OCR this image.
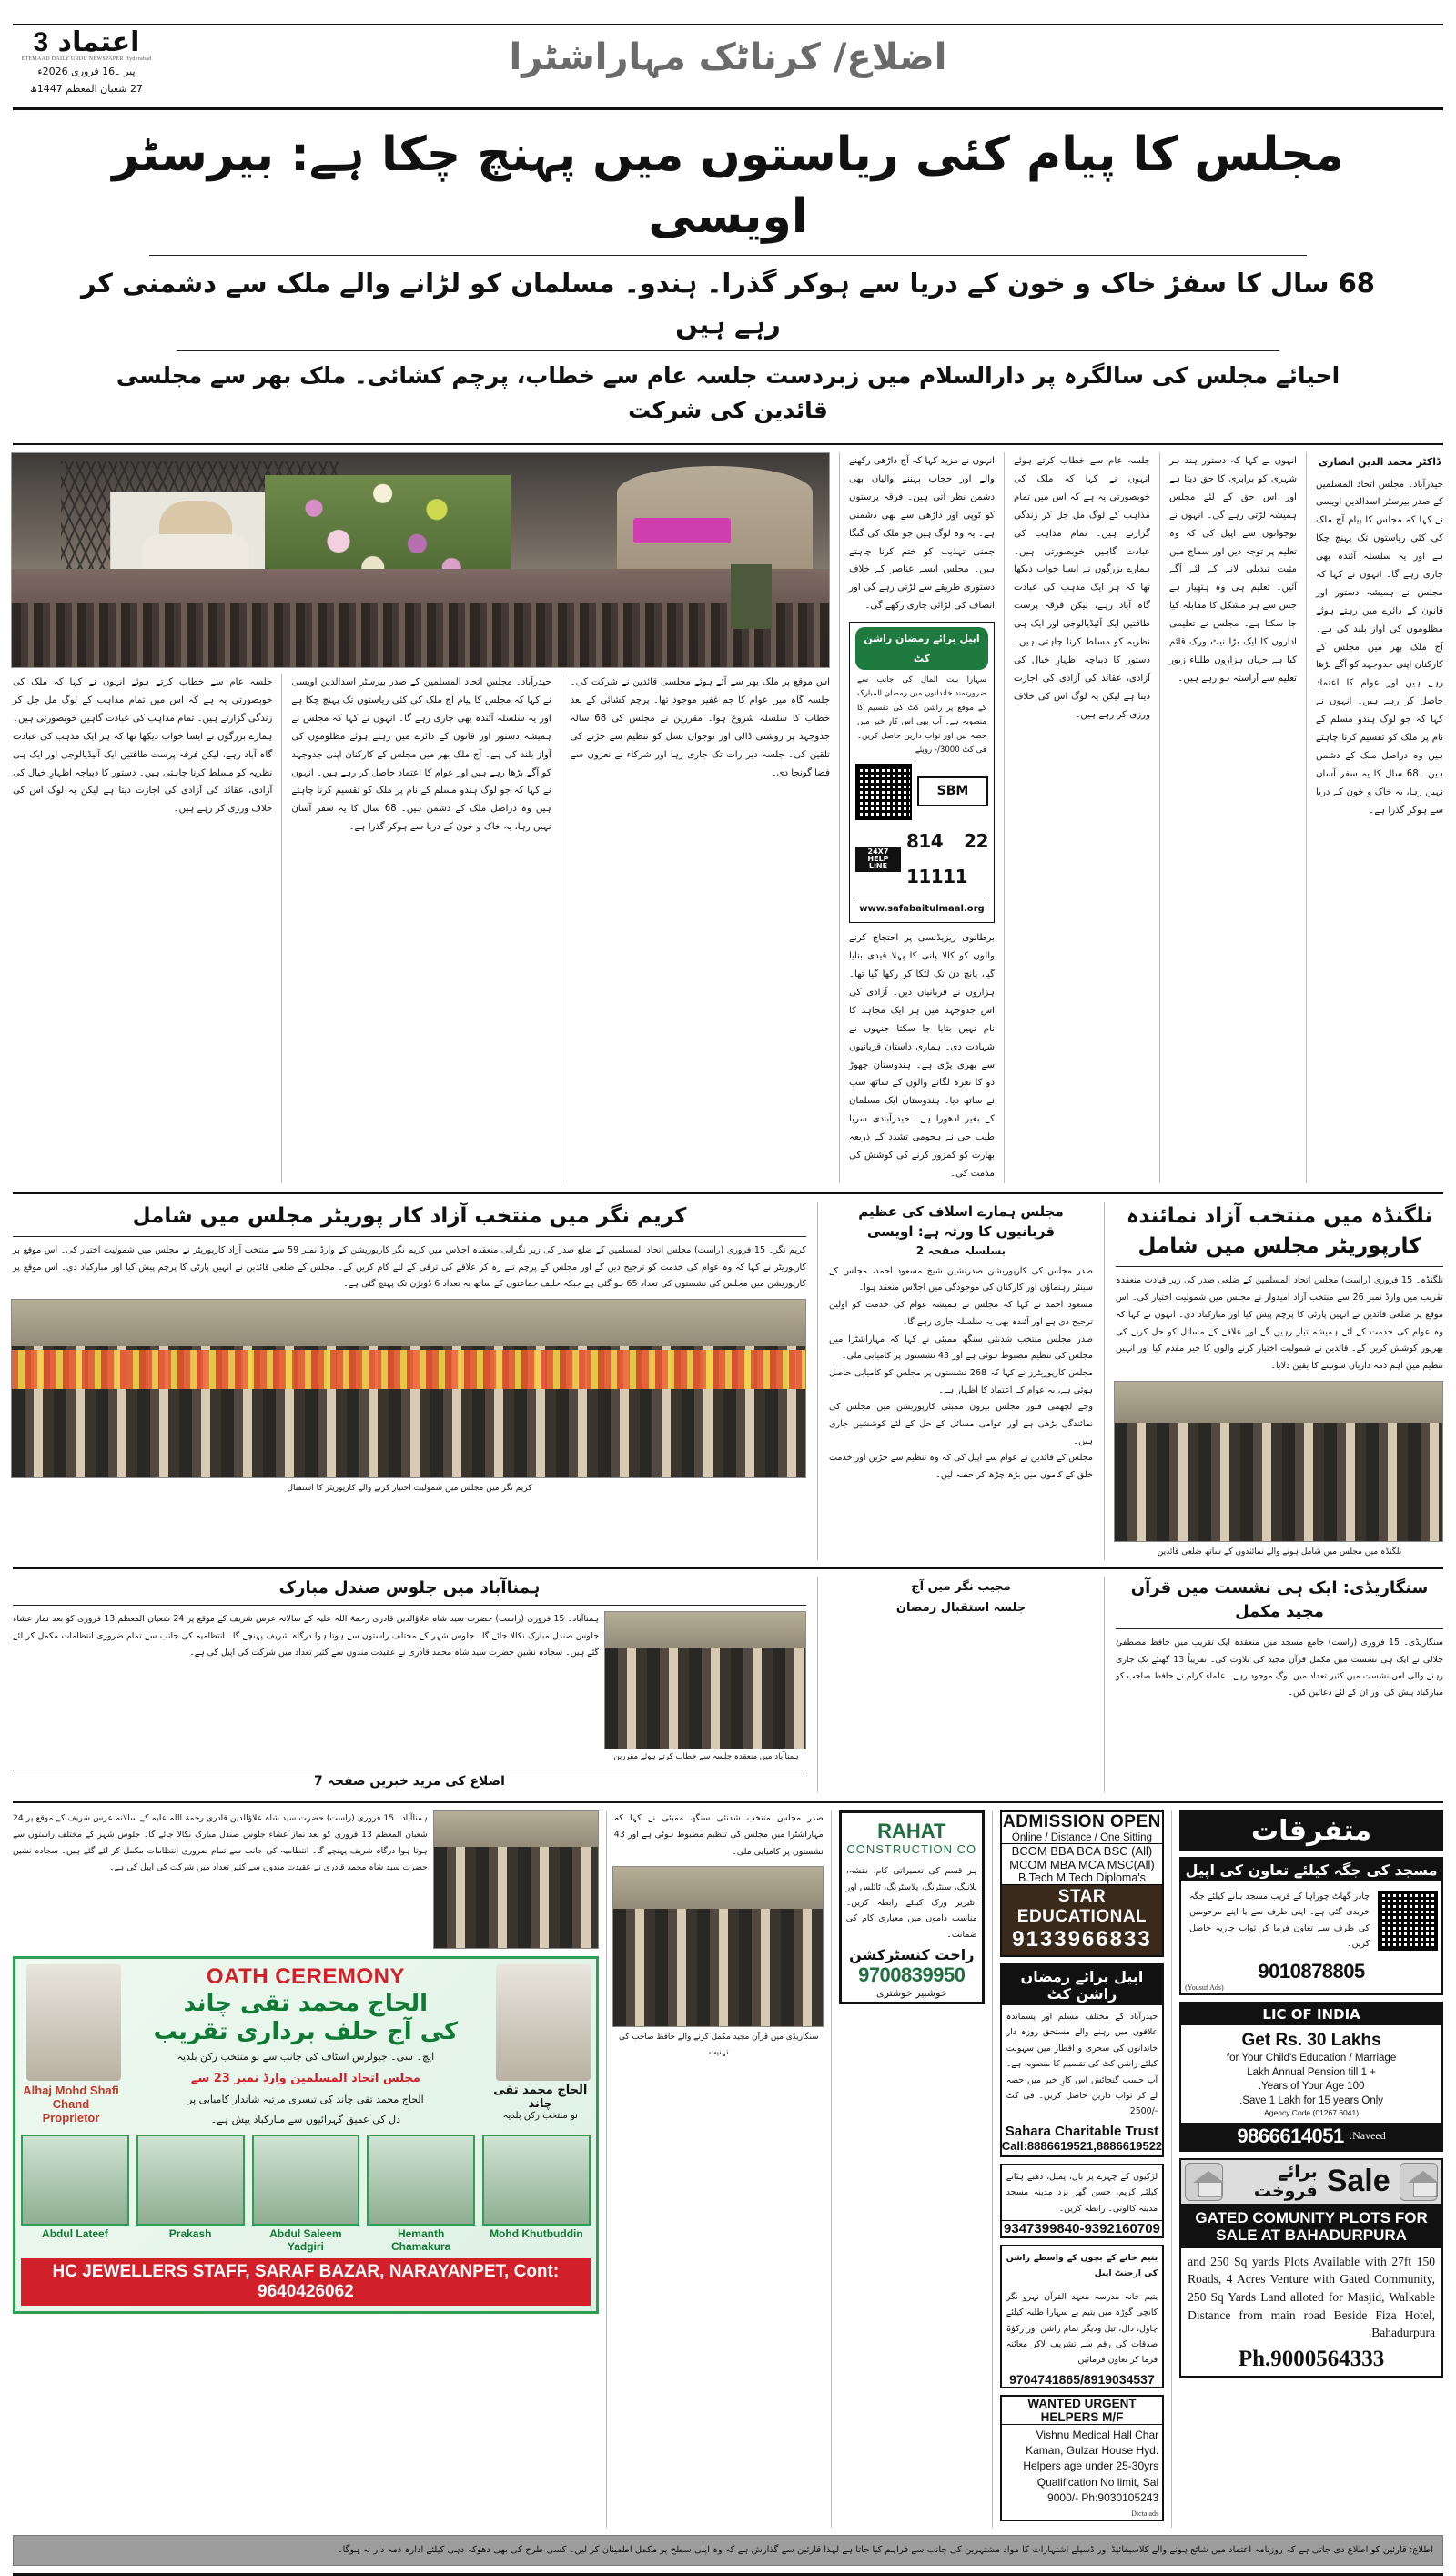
اعتماد 3
ETEMAAD DAILY URDU NEWSPAPER Hyderabad
پیر ۔16 فروری 2026ء
27 شعبان المعظم 1447ھ
اضلاع/ کرناٹک مہاراشٹرا
مجلس کا پیام کئی ریاستوں میں پہنچ چکا ہے: بیرسٹر اویسی
68 سال کا سفرٔ خاک و خون کے دریا سے ہوکر گذرا۔ ہندو۔ مسلمان کو لڑانے والے ملک سے دشمنی کر رہے ہیں
احیائے مجلس کی سالگرہ پر دارالسلام میں زبردست جلسہ عام سے خطاب، پرچم کشائی۔ ملک بھر سے مجلسی قائدین کی شرکت
ڈاکٹر محمد الدین انصاری
حیدرآباد۔ مجلس اتحاد المسلمین کے صدر بیرسٹر اسدالدین اویسی نے کہا کہ مجلس کا پیام آج ملک کی کئی ریاستوں تک پہنچ چکا ہے اور یہ سلسلہ آئندہ بھی جاری رہے گا۔ انہوں نے کہا کہ مجلس نے ہمیشہ دستور اور قانون کے دائرے میں رہتے ہوئے مظلوموں کی آواز بلند کی ہے۔ آج ملک بھر میں مجلس کے کارکنان اپنی جدوجہد کو آگے بڑھا رہے ہیں اور عوام کا اعتماد حاصل کر رہے ہیں۔ انہوں نے کہا کہ جو لوگ ہندو مسلم کے نام پر ملک کو تقسیم کرنا چاہتے ہیں وہ دراصل ملک کے دشمن ہیں۔ 68 سال کا یہ سفر آسان نہیں رہا، یہ خاک و خون کے دریا سے ہوکر گذرا ہے۔
انہوں نے کہا کہ دستور ہند ہر شہری کو برابری کا حق دیتا ہے اور اس حق کے لئے مجلس ہمیشہ لڑتی رہے گی۔ انہوں نے نوجوانوں سے اپیل کی کہ وہ تعلیم پر توجہ دیں اور سماج میں مثبت تبدیلی لانے کے لئے آگے آئیں۔ تعلیم ہی وہ ہتھیار ہے جس سے ہر مشکل کا مقابلہ کیا جا سکتا ہے۔ مجلس نے تعلیمی اداروں کا ایک بڑا نیٹ ورک قائم کیا ہے جہاں ہزاروں طلباء زیور تعلیم سے آراستہ ہو رہے ہیں۔
جلسہ عام سے خطاب کرتے ہوئے انہوں نے کہا کہ ملک کی خوبصورتی یہ ہے کہ اس میں تمام مذاہب کے لوگ مل جل کر زندگی گزارتے ہیں۔ تمام مذاہب کی عبادت گاہیں خوبصورتی ہیں۔ ہمارے بزرگوں نے ایسا خواب دیکھا تھا کہ ہر ایک مذہب کی عبادت گاہ آباد رہے، لیکن فرقہ پرست طاقتیں ایک آئیڈیالوجی اور ایک ہی نظریہ کو مسلط کرنا چاہتی ہیں۔ دستور کا دیباچہ اظہارِ خیال کی آزادی، عقائد کی آزادی کی اجازت دیتا ہے لیکن یہ لوگ اس کی خلاف ورزی کر رہے ہیں۔
انہوں نے مزید کہا کہ آج داڑھی رکھنے والے اور حجاب پہننے والیاں بھی دشمن نظر آتی ہیں۔ فرقہ پرستوں کو ٹوپی اور داڑھی سے بھی دشمنی ہے۔ یہ وہ لوگ ہیں جو ملک کی گنگا جمنی تہذیب کو ختم کرنا چاہتے ہیں۔ مجلس ایسے عناصر کے خلاف دستوری طریقے سے لڑتی رہے گی اور انصاف کی لڑائی جاری رکھے گی۔
اپیل برائے رمضان راشن کٹ
سہارا بیت المال کی جانب سے ضرورتمند خاندانوں میں رمضان المبارک کے موقع پر راشن کٹ کی تقسیم کا منصوبہ ہے۔ آپ بھی اس کارِ خیر میں حصہ لیں اور ثواب دارین حاصل کریں۔ فی کٹ 3000/- روپئے
SBM
24X7 HELP LINE
814 22 11111
www.safabaitulmaal.org
برطانوی ریزیڈنسی پر احتجاج کرنے والوں کو کالا پانی کا پہلا قیدی بنایا گیا، پانچ دن تک لٹکا کر رکھا گیا تھا۔ ہزاروں نے قربانیاں دیں۔ آزادی کی اس جدوجہد میں ہر ایک مجاہد کا نام نہیں بتایا جا سکتا جنہوں نے شہادت دی۔ ہماری داستان قربانیوں سے بھری پڑی ہے۔ ہندوستان چھوڑ دو کا نعرہ لگانے والوں کے ساتھ سب نے ساتھ دیا۔ ہندوستان ایک مسلمان کے بغیر ادھورا ہے۔ حیدرآبادی سریا طیب جی نے ہجومی تشدد کے ذریعہ بھارت کو کمزور کرنے کی کوشش کی مذمت کی۔
اس موقع پر ملک بھر سے آئے ہوئے مجلسی قائدین نے شرکت کی۔ جلسہ گاہ میں عوام کا جم غفیر موجود تھا۔ پرچم کشائی کے بعد خطاب کا سلسلہ شروع ہوا۔ مقررین نے مجلس کی 68 سالہ جدوجہد پر روشنی ڈالی اور نوجوان نسل کو تنظیم سے جڑنے کی تلقین کی۔ جلسہ دیر رات تک جاری رہا اور شرکاء نے نعروں سے فضا گونجا دی۔
حیدرآباد۔ مجلس اتحاد المسلمین کے صدر بیرسٹر اسدالدین اویسی نے کہا کہ مجلس کا پیام آج ملک کی کئی ریاستوں تک پہنچ چکا ہے اور یہ سلسلہ آئندہ بھی جاری رہے گا۔ انہوں نے کہا کہ مجلس نے ہمیشہ دستور اور قانون کے دائرے میں رہتے ہوئے مظلوموں کی آواز بلند کی ہے۔ آج ملک بھر میں مجلس کے کارکنان اپنی جدوجہد کو آگے بڑھا رہے ہیں اور عوام کا اعتماد حاصل کر رہے ہیں۔ انہوں نے کہا کہ جو لوگ ہندو مسلم کے نام پر ملک کو تقسیم کرنا چاہتے ہیں وہ دراصل ملک کے دشمن ہیں۔ 68 سال کا یہ سفر آسان نہیں رہا، یہ خاک و خون کے دریا سے ہوکر گذرا ہے۔
جلسہ عام سے خطاب کرتے ہوئے انہوں نے کہا کہ ملک کی خوبصورتی یہ ہے کہ اس میں تمام مذاہب کے لوگ مل جل کر زندگی گزارتے ہیں۔ تمام مذاہب کی عبادت گاہیں خوبصورتی ہیں۔ ہمارے بزرگوں نے ایسا خواب دیکھا تھا کہ ہر ایک مذہب کی عبادت گاہ آباد رہے، لیکن فرقہ پرست طاقتیں ایک آئیڈیالوجی اور ایک ہی نظریہ کو مسلط کرنا چاہتی ہیں۔ دستور کا دیباچہ اظہارِ خیال کی آزادی، عقائد کی آزادی کی اجازت دیتا ہے لیکن یہ لوگ اس کی خلاف ورزی کر رہے ہیں۔
نلگنڈہ میں منتخب آزاد نمائندہ کارپوریٹر مجلس میں شامل
نلگنڈہ۔ 15 فروری (راست) مجلس اتحاد المسلمین کے ضلعی صدر کی زیر قیادت منعقدہ تقریب میں وارڈ نمبر 26 سے منتخب آزاد امیدوار نے مجلس میں شمولیت اختیار کی۔ اس موقع پر ضلعی قائدین نے انہیں پارٹی کا پرچم پیش کیا اور مبارکباد دی۔ انہوں نے کہا کہ وہ عوام کی خدمت کے لئے ہمیشہ تیار رہیں گے اور علاقے کے مسائل کو حل کرنے کی بھرپور کوشش کریں گے۔ قائدین نے شمولیت اختیار کرنے والوں کا خیر مقدم کیا اور انہیں تنظیم میں اہم ذمہ داریاں سونپنے کا یقین دلایا۔
نلگنڈہ میں مجلس میں شامل ہونے والے نمائندوں کے ساتھ ضلعی قائدین
مجلس ہمارے اسلاف کی عظیم قربانیوں کا ورثہ ہے: اویسی
بسلسلہ صفحہ 2
صدر مجلس کی کارپوریشن صدرنشین شیخ مسعود احمد، مجلس کے سینئر رہنماؤں اور کارکنان کی موجودگی میں اجلاس منعقد ہوا۔
مسعود احمد نے کہا کہ مجلس نے ہمیشہ عوام کی خدمت کو اولین ترجیح دی ہے اور آئندہ بھی یہ سلسلہ جاری رہے گا۔
صدر مجلس منتخب شدنئی سنگھ ممبئی نے کہا کہ مہاراشٹرا میں مجلس کی تنظیم مضبوط ہوئی ہے اور 43 نشستوں پر کامیابی ملی۔
مجلس کارپوریٹرز نے کہا کہ 268 نشستوں پر مجلس کو کامیابی حاصل ہوئی ہے، یہ عوام کے اعتماد کا اظہار ہے۔
وجے لچھمی فلور مجلس بیرون ممبئی کارپوریشن میں مجلس کی نمائندگی بڑھی ہے اور عوامی مسائل کے حل کے لئے کوششیں جاری ہیں۔
مجلس کے قائدین نے عوام سے اپیل کی کہ وہ تنظیم سے جڑیں اور خدمت خلق کے کاموں میں بڑھ چڑھ کر حصہ لیں۔
کریم نگر میں منتخب آزاد کار پوریٹر مجلس میں شامل
کریم نگر۔ 15 فروری (راست) مجلس اتحاد المسلمین کے ضلع صدر کی زیر نگرانی منعقدہ اجلاس میں کریم نگر کارپوریشن کے وارڈ نمبر 59 سے منتخب آزاد کارپوریٹر نے مجلس میں شمولیت اختیار کی۔ اس موقع پر کارپوریٹر نے کہا کہ وہ عوام کی خدمت کو ترجیح دیں گے اور مجلس کے پرچم تلے رہ کر علاقے کی ترقی کے لئے کام کریں گے۔ مجلس کے ضلعی قائدین نے انہیں پارٹی کا پرچم پیش کیا اور مبارکباد دی۔ اس موقع پر کارپوریشن میں مجلس کی نشستوں کی تعداد 65 ہو گئی ہے جبکہ حلیف جماعتوں کے ساتھ یہ تعداد 6 ڈویژن تک پہنچ گئی ہے۔
کریم نگر میں مجلس میں شمولیت اختیار کرنے والے کارپوریٹر کا استقبال
سنگاریڈی: ایک ہی نشست میں قرآن مجید مکمل
سنگاریڈی۔ 15 فروری (راست) جامع مسجد میں منعقدہ ایک تقریب میں حافظ مصطفیٰ جلالی نے ایک ہی نشست میں مکمل قرآن مجید کی تلاوت کی۔ تقریباً 13 گھنٹے تک جاری رہنے والی اس نشست میں کثیر تعداد میں لوگ موجود رہے۔ علماء کرام نے حافظ صاحب کو مبارکباد پیش کی اور ان کے لئے دعائیں کیں۔
مجیب نگر میں آج
جلسہ استقبال رمضان
ہمناآباد میں جلوس صندل مبارک
ہمناآباد میں منعقدہ جلسہ سے خطاب کرتے ہوئے مقررین
ہمناآباد۔ 15 فروری (راست) حضرت سید شاہ علاؤالدین قادری رحمۃ اللہ علیہ کے سالانہ عرس شریف کے موقع پر 24 شعبان المعظم 13 فروری کو بعد نماز عشاء جلوس صندل مبارک نکالا جائے گا۔ جلوس شہر کے مختلف راستوں سے ہوتا ہوا درگاہ شریف پہنچے گا۔ انتظامیہ کی جانب سے تمام ضروری انتظامات مکمل کر لئے گئے ہیں۔ سجادہ نشین حضرت سید شاہ محمد قادری نے عقیدت مندوں سے کثیر تعداد میں شرکت کی اپیل کی ہے۔
اضلاع کی مزید خبریں صفحہ 7
متفرقات
مسجد کی جگہ کیلئے تعاون کی اپیل
چادر گھاٹ چوراہا کے قریب مسجد بنانے کیلئے جگہ خریدی گئی ہے۔ اپنی طرف سے یا اپنے مرحومین کی طرف سے تعاون فرما کر ثواب جاریہ حاصل کریں۔
9010878805
(Yousuf Ads)
LIC OF INDIA
Get Rs. 30 Lakhs
for Your Child's Education / Marriage
+ 1 Lakh Annual Pension till
100 Years of Your Age.
Save 1 Lakh for 15 years Only.
Agency Code (01267.6041)
Naveed:
9866614051
Sale
برائے فروخت
GATED COMUNITY PLOTS FOR SALE AT BAHADURPURA
150 and 250 Sq yards Plots Available with 27ft Roads, 4 Acres Venture with Gated Community, 250 Sq Yards Land alloted for Masjid, Walkable Distance from main road Beside Fiza Hotel, Bahadurpura.
Ph.9000564333
ADMISSION OPEN
Online / Distance / One Sitting
BCOM BBA BCA BSC (All)
MCOM MBA MCA MSC(All)
B.Tech M.Tech Diploma's
STAR EDUCATIONAL
9133966833
اپیل برائے رمضان راشن کٹ
حیدرآباد کے مختلف مسلم اور پسماندہ علاقوں میں رہنے والے مستحق روزہ دار خاندانوں کی سحری و افطار میں سہولت کیلئے راشن کٹ کی تقسیم کا منصوبہ ہے۔ آپ حسب گنجائش اس کارِ خیر میں حصہ لے کر ثواب دارین حاصل کریں۔ فی کٹ -/2500
Sahara Charitable Trust
Call:8886619521,8886619522
لڑکیوں کے چہرے پر بال، پمپل، دھبے ہٹانے کیلئے کریم، حسن گھر نزد مدینہ مسجد مدینہ کالونی۔ رابطہ کریں۔
9347399840-9392160709
یتیم خانے کے بچوں کے واسطے راشن کی ارجنٹ اپیل
یتیم خانہ مدرسہ معہد القرآن نہرو نگر کانچی گوڑہ میں یتیم بے سہارا طلبہ کیلئے چاول، دال، تیل ودیگر تمام راشن اور زکوٰۃ صدقات کی رقم سے تشریف لاکر معائنہ فرما کر تعاون فرمائیں
9704741865/8919034537
WANTED URGENT HELPERS M/F
Vishnu Medical Hall Char Kaman, Gulzar House Hyd. Helpers age under 25-30yrs Qualification No limit, Sal 9000/- Ph:9030105243
Dicta ads
RAHAT
CONSTRUCTION CO
ہر قسم کی تعمیراتی کام، نقشہ، پلاننگ، سنٹرنگ، پلاسٹرنگ، ٹائلس اور انٹیریر ورک کیلئے رابطہ کریں۔ مناسب داموں میں معیاری کام کی ضمانت۔
راحت کنسٹرکشن
9700839950
خوشبیر خوشتری
صدر مجلس منتخب شدنئی سنگھ ممبئی نے کہا کہ مہاراشٹرا میں مجلس کی تنظیم مضبوط ہوئی ہے اور 43 نشستوں پر کامیابی ملی۔
سنگاریڈی میں قرآن مجید مکمل کرنے والے حافظ صاحب کی تہنیت
ہمناآباد۔ 15 فروری (راست) حضرت سید شاہ علاؤالدین قادری رحمۃ اللہ علیہ کے سالانہ عرس شریف کے موقع پر 24 شعبان المعظم 13 فروری کو بعد نماز عشاء جلوس صندل مبارک نکالا جائے گا۔ جلوس شہر کے مختلف راستوں سے ہوتا ہوا درگاہ شریف پہنچے گا۔ انتظامیہ کی جانب سے تمام ضروری انتظامات مکمل کر لئے گئے ہیں۔ سجادہ نشین حضرت سید شاہ محمد قادری نے عقیدت مندوں سے کثیر تعداد میں شرکت کی اپیل کی ہے۔
الحاج محمد تقی چاند
نو منتخب رکن بلدیہ
OATH CEREMONY
الحاج محمد تقی چاند
کی آج حلف برداری تقریب
ایچ۔ سی۔ جیولرس اسٹاف کی جانب سے نو منتخب رکن بلدیہ
مجلس اتحاد المسلمین وارڈ نمبر 23 سے
الحاج محمد تقی چاند کی تیسری مرتبہ شاندار کامیابی پر
دل کی عمیق گہرائیوں سے مبارکباد پیش ہے۔
Alhaj Mohd Shafi Chand
Proprietor
Mohd Khutbuddin
Hemanth Chamakura
Abdul Saleem Yadgiri
Prakash
Abdul Lateef
HC JEWELLERS STAFF, SARAF BAZAR, NARAYANPET, Cont: 9640426062
اطلاع: قارئین کو اطلاع دی جاتی ہے کہ روزنامہ اعتماد میں شائع ہونے والے کلاسیفائیڈ اور ڈسپلے اشتہارات کا مواد مشتہرین کی جانب سے فراہم کیا جاتا ہے لہٰذا قارئین سے گذارش ہے کہ وہ اپنی سطح پر مکمل اطمینان کر لیں۔ کسی طرح کی بھی دھوکہ دہی کیلئے ادارہ ذمہ دار نہ ہوگا۔
